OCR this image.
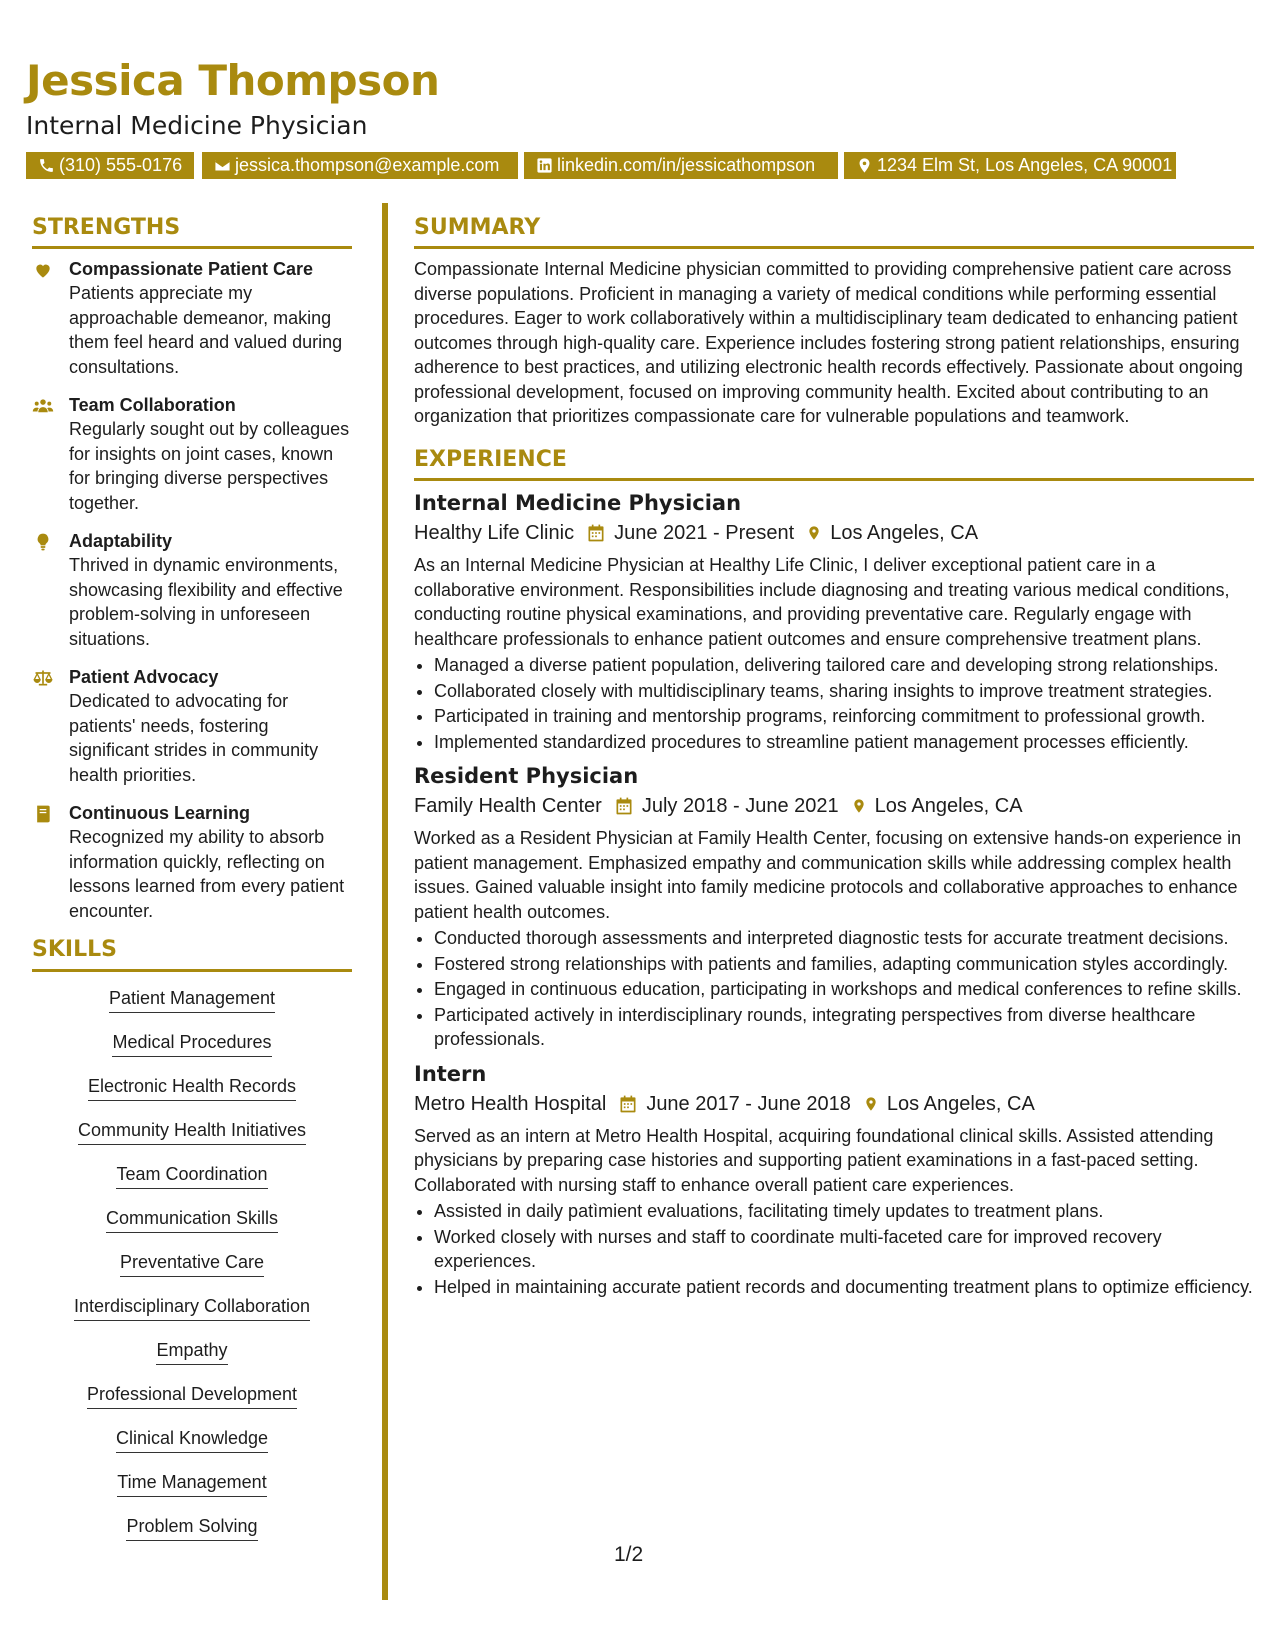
Jessica Thompson
Internal Medicine Physician
(310) 555-0176	jessica.thompson@example.com	linkedin.com/in/jessicathompson	1234 Elm St, Los Angeles, CA 90001
STRENGTHS
Compassionate Patient Care
Patients appreciate my approachable demeanor, making them feel heard and valued during consultations.
Team Collaboration
Regularly sought out by colleagues for insights on joint cases, known for bringing diverse perspectives together.
Adaptability
Thrived in dynamic environments, showcasing flexibility and effective problem-solving in unforeseen situations.
Patient Advocacy
Dedicated to advocating for patients' needs, fostering significant strides in community health priorities.
Continuous Learning
Recognized my ability to absorb information quickly, reflecting on lessons learned from every patient encounter.
SKILLS
Patient Management
Medical Procedures
Electronic Health Records
Community Health Initiatives
Team Coordination
Communication Skills
Preventative Care
Interdisciplinary Collaboration
Empathy
Professional Development
Clinical Knowledge
Time Management
Problem Solving
SUMMARY

Compassionate Internal Medicine physician committed to providing comprehensive patient care across diverse populations. Proficient in managing a variety of medical conditions while performing essential procedures. Eager to work collaboratively within a multidisciplinary team dedicated to enhancing patient outcomes through high-quality care. Experience includes fostering strong patient relationships, ensuring adherence to best practices, and utilizing electronic health records effectively. Passionate about ongoing professional development, focused on improving community health. Excited about contributing to an organization that prioritizes compassionate care for vulnerable populations and teamwork.

EXPERIENCE
Internal Medicine Physician
Healthy Life Clinic June 2021 - Present Los Angeles, CA

As an Internal Medicine Physician at Healthy Life Clinic, I deliver exceptional patient care in a collaborative environment. Responsibilities include diagnosing and treating various medical conditions, conducting routine physical examinations, and providing preventative care. Regularly engage with healthcare professionals to enhance patient outcomes and ensure comprehensive treatment plans.

• Managed a diverse patient population, delivering tailored care and developing strong relationships.
• Collaborated closely with multidisciplinary teams, sharing insights to improve treatment strategies.
• Participated in training and mentorship programs, reinforcing commitment to professional growth.
• Implemented standardized procedures to streamline patient management processes efficiently.
Resident Physician
Family Health Center July 2018 - June 2021 Los Angeles, CA

Worked as a Resident Physician at Family Health Center, focusing on extensive hands-on experience in patient management. Emphasized empathy and communication skills while addressing complex health issues. Gained valuable insight into family medicine protocols and collaborative approaches to enhance patient health outcomes.

• Conducted thorough assessments and interpreted diagnostic tests for accurate treatment decisions.
• Fostered strong relationships with patients and families, adapting communication styles accordingly.
• Engaged in continuous education, participating in workshops and medical conferences to refine skills.
• Participated actively in interdisciplinary rounds, integrating perspectives from diverse healthcare professionals.
Intern
Metro Health Hospital June 2017 - June 2018 Los Angeles, CA

Served as an intern at Metro Health Hospital, acquiring foundational clinical skills. Assisted attending physicians by preparing case histories and supporting patient examinations in a fast-paced setting. Collaborated with nursing staff to enhance overall patient care experiences.

• Assisted in daily patìmient evaluations, facilitating timely updates to treatment plans.
• Worked closely with nurses and staff to coordinate multi-faceted care for improved recovery experiences.
• Helped in maintaining accurate patient records and documenting treatment plans to optimize efficiency.
1/2
